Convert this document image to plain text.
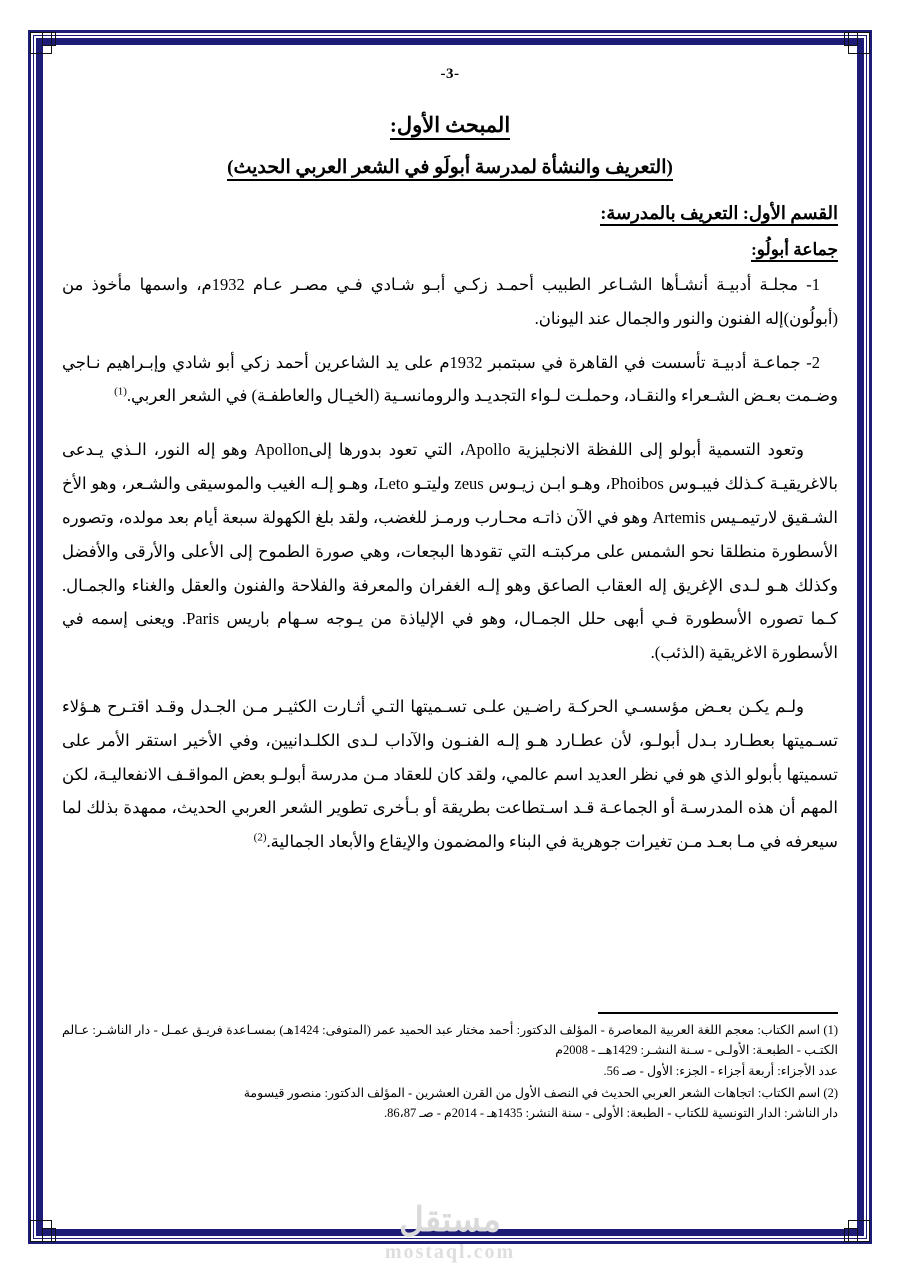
-3-
المبحث الأول:
(التعريف والنشأة لمدرسة أبولَو في الشعر العربي الحديث)
القسم الأول: التعريف بالمدرسة:
جماعة أبولُو:

1- مجلـة أدبيـة أنشـأها الشـاعر الطبيب أحمـد زكـي أبـو شـادي فـي مصـر عـام 1932م، واسمها مأخوذ من (أبولُون)إله الفنون والنور والجمال عند اليونان.

2- جماعـة أدبيـة تأسست في القاهرة في سبتمبر 1932م على يد الشاعرين أحمد زكي أبو شادي وإبـراهيم نـاجي وضـمت بعـض الشـعراء والنقـاد، وحملـت لـواء التجديـد والرومانسـية (الخيـال والعاطفـة) في الشعر العربي.$^{(1)}$

وتعود التسمية أبولو إلى اللفظة الانجليزية Apollo، التي تعود بدورها إلىApollon وهو إله النور، الـذي يـدعى بالاغريقيـة كـذلك فيبـوس Phoibos، وهـو ابـن زيـوس zeus وليتـو Leto، وهـو إلـه الغيب والموسيقى والشـعر، وهو الأخ الشـقيق لارتيمـيس Artemis وهو في الآن ذاتـه محـارب ورمـز للغضب، ولقد بلغ الكهولة سبعة أيام بعد مولده، وتصوره الأسطورة منطلقا نحو الشمس على مركبتـه التي تقودها البجعات، وهي صورة الطموح إلى الأعلى والأرقى والأفضل وكذلك هـو لـدى الإغريق إله العقاب الصاعق وهو إلـه الغفران والمعرفة والفلاحة والفنون والعقل والغناء والجمـال. كـما تصوره الأسطورة فـي أبهى حلل الجمـال، وهو في الإلياذة من يـوجه سـهام باريس Paris. ويعنى إسمه في الأسطورة الاغريقية (الذئب).

ولـم يكـن بعـض مؤسسـي الحركـة راضـين علـى تسـميتها التـي أثـارت الكثيـر مـن الجـدل وقـد اقتـرح هـؤلاء تسـميتها بعطـارد بـدل أبولـو، لأن عطـارد هـو إلـه الفنـون والآداب لـدى الكلـدانيين، وفي الأخير استقر الأمر على تسميتها بأبولو الذي هو في نظر العديد اسم عالمي، ولقد كان للعقاد مـن مدرسة أبولـو بعض المواقـف الانفعاليـة، لكن المهم أن هذه المدرسـة أو الجماعـة قـد اسـتطاعت بطريقة أو بـأخرى تطوير الشعر العربي الحديث، ممهدة بذلك لما سيعرفه في مـا بعـد مـن تغيرات جوهرية في البناء والمضمون والإيقاع والأبعاد الجمالية.$^{(2)}$

(1) اسم الكتاب: معجم اللغة العربية المعاصرة - المؤلف الدكتور: أحمد مختار عبد الحميد عمر (المتوفى: 1424هـ) بمسـاعدة فريـق عمـل - دار الناشـر: عـالم الكتـب - الطبعـة: الأولـى - سـنة النشـر: 1429هــ - 2008م
عدد الأجزاء: أربعة أجزاء - الجزء: الأول - صـ 56.

(2) اسم الكتاب: اتجاهات الشعر العربي الحديث في النصف الأول من القرن العشرين - المؤلف الدكتور: منصور قيسومة
دار الناشر: الدار التونسية للكتاب - الطبعة: الأولى - سنة النشر: 1435هـ - 2014م - صـ 86،87.

مستقل
mostaql.com
